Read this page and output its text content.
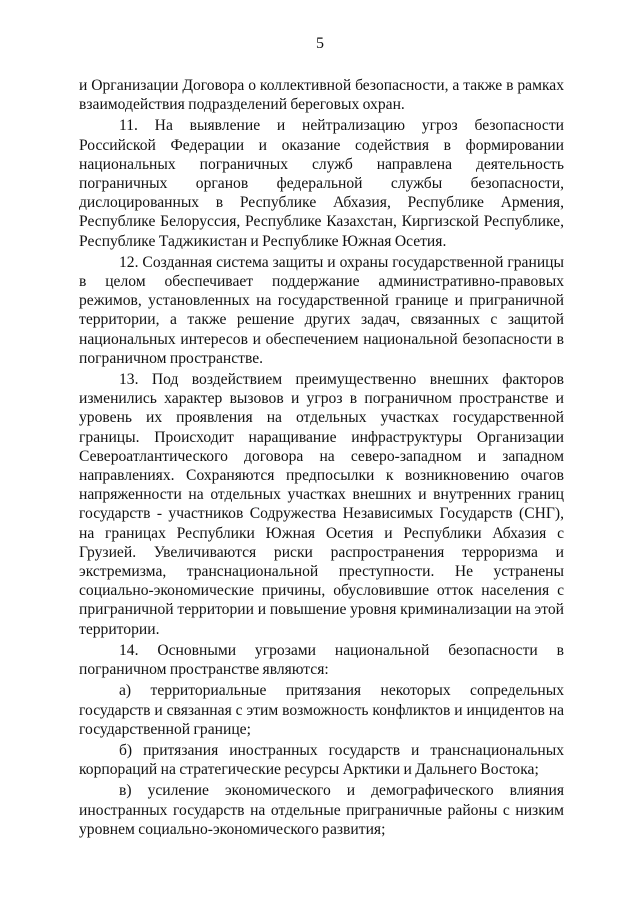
5

и Организации Договора о коллективной безопасности, а также в рамках взаимодействия подразделений береговых охран.

11. На выявление и нейтрализацию угроз безопасности Российской Федерации и оказание содействия в формировании национальных пограничных служб направлена деятельность пограничных органов федеральной службы безопасности, дислоцированных в Республике Абхазия, Республике Армения, Республике Белоруссия, Республике Казахстан, Киргизской Республике, Республике Таджикистан и Республике Южная Осетия.

12. Созданная система защиты и охраны государственной границы в целом обеспечивает поддержание административно-правовых режимов, установленных на государственной границе и приграничной территории, а также решение других задач, связанных с защитой национальных интересов и обеспечением национальной безопасности в пограничном пространстве.

13. Под воздействием преимущественно внешних факторов изменились характер вызовов и угроз в пограничном пространстве и уровень их проявления на отдельных участках государственной границы. Происходит наращивание инфраструктуры Организации Североатлантического договора на северо-западном и западном направлениях. Сохраняются предпосылки к возникновению очагов напряженности на отдельных участках внешних и внутренних границ государств - участников Содружества Независимых Государств (СНГ), на границах Республики Южная Осетия и Республики Абхазия с Грузией. Увеличиваются риски распространения терроризма и экстремизма, транснациональной преступности. Не устранены социально-экономические причины, обусловившие отток населения с приграничной территории и повышение уровня криминализации на этой территории.

14. Основными угрозами национальной безопасности в пограничном пространстве являются:

а) территориальные притязания некоторых сопредельных государств и связанная с этим возможность конфликтов и инцидентов на государственной границе;

б) притязания иностранных государств и транснациональных корпораций на стратегические ресурсы Арктики и Дальнего Востока;

в) усиление экономического и демографического влияния иностранных государств на отдельные приграничные районы с низким уровнем социально-экономического развития;
